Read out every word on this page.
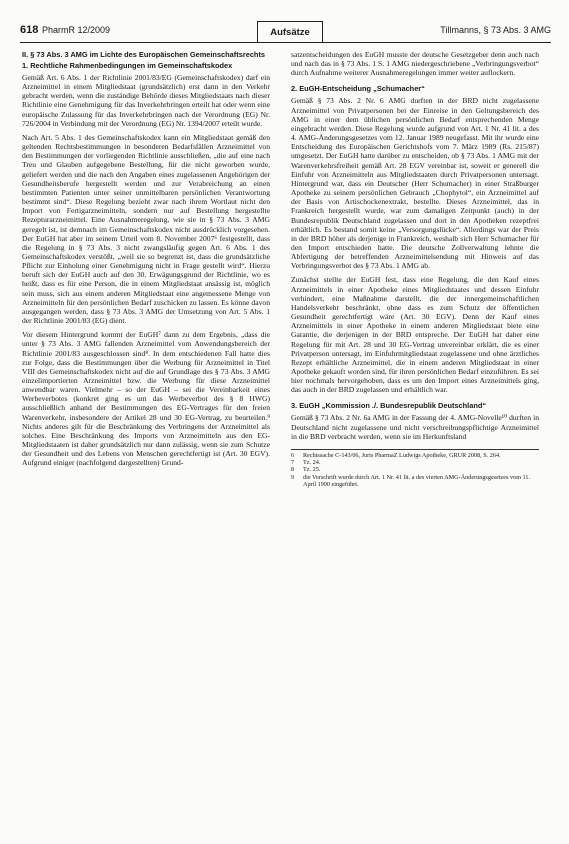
618 PharmR 12/2009	Aufsätze	Tillmanns, § 73 Abs. 3 AMG
II. § 73 Abs. 3 AMG im Lichte des Europäischen Gemeinschaftsrechts
1. Rechtliche Rahmenbedingungen im Gemeinschaftskodex

Gemäß Art. 6 Abs. 1 der Richtlinie 2001/83/EG (Gemeinschaftskodex) darf ein Arzneimittel in einem Mitgliedstaat (grundsätzlich) erst dann in den Verkehr gebracht werden, wenn die zuständige Behörde dieses Mitgliedstaats nach dieser Richtlinie eine Genehmigung für das Inverkehrbringen erteilt hat oder wenn eine europäische Zulassung für das Inverkehrbringen nach der Verordnung (EG) Nr. 726/2004 in Verbindung mit der Verordnung (EG) Nr. 1394/2007 erteilt wurde.

Nach Art. 5 Abs. 1 des Gemeinschaftskodex kann ein Mitgliedstaat gemäß den geltenden Rechtsbestimmungen in besonderen Bedarfsfällen Arzneimittel von den Bestimmungen der vorliegenden Richtlinie ausschließen, „die auf eine nach Treu und Glauben aufgegebene Bestellung, für die nicht geworben wurde, geliefert werden und die nach den Angaben eines zugelassenen Angehörigen der Gesundheitsberufe hergestellt werden und zur Verabreichung an einen bestimmten Patienten unter seiner unmittelbaren persönlichen Verantwortung bestimmt sind“. Diese Regelung bezieht zwar nach ihrem Wortlaut nicht den Import von Fertigarzneimitteln, sondern nur auf Bestellung hergestellte Rezepturarzneimittel. Eine Ausnahmeregelung, wie sie in § 73 Abs. 3 AMG geregelt ist, ist demnach im Gemeinschaftskodex nicht ausdrücklich vorgesehen. Der EuGH hat aber im seinem Urteil vom 8. November 2007⁶ festgestellt, dass die Regelung in § 73 Abs. 3 nicht zwangsläufig gegen Art. 6 Abs. 1 des Gemeinschaftskodex verstößt, „weil sie so begrenzt ist, dass die grundsätzliche Pflicht zur Einholung einer Genehmigung nicht in Frage gestellt wird“. Hierzu beruft sich der EuGH auch auf den 30. Erwägungsgrund der Richtlinie, wo es heißt, dass es für eine Person, die in einem Mitgliedstaat ansässig ist, möglich sein muss, sich aus einem anderen Mitgliedstaat eine angemessene Menge von Arzneimitteln für den persönlichen Bedarf zuschicken zu lassen. Es könne davon ausgegangen werden, dass § 73 Abs. 3 AMG der Umsetzung von Art. 5 Abs. 1 der Richtlinie 2001/83 (EG) dient.

Vor diesem Hintergrund kommt der EuGH⁷ dann zu dem Ergebnis, „dass die unter § 73 Abs. 3 AMG fallenden Arzneimittel vom Anwendungsbereich der Richtlinie 2001/83 ausgeschlossen sind⁸. In dem entschiedenen Fall hatte dies zur Folge, dass die Bestimmungen über die Werbung für Arzneimittel in Titel VIII des Gemeinschaftskodex nicht auf die auf Grundlage des § 73 Abs. 3 AMG einzelimportierten Arzneimittel bzw. die Werbung für diese Arzneimittel anwendbar waren. Vielmehr – so der EuGH – sei die Vereinbarkeit eines Werbeverbotes (konkret ging es um das Werbeverbot des § 8 HWG) ausschließlich anhand der Bestimmungen des EG-Vertrages für den freien Warenverkehr, insbesondere der Artikel 28 und 30 EG-Vertrag, zu beurteilen.⁹ Nichts anderes gilt für die Beschränkung des Verbringens der Arzneimittel als solches. Eine Beschränkung des Imports von Arzneimitteln aus den EG-Mitgliedstaaten ist daher grundsätzlich nur dann zulässig, wenn sie zum Schutze der Gesundheit und des Lebens von Menschen gerechtfertigt ist (Art. 30 EGV). Aufgrund einiger (nachfolgend dargestellten) Grund-

satzentscheidungen des EuGH musste der deutsche Gesetzgeber denn auch nach und nach das in § 73 Abs. 1 S. 1 AMG niedergeschriebene „Verbringungsverbot“ durch Aufnahme weiterer Ausnahmeregelungen immer weiter auflockern.

2. EuGH-Entscheidung „Schumacher“

Gemäß § 73 Abs. 2 Nr. 6 AMG durften in der BRD nicht zugelassene Arzneimittel von Privatpersonen bei der Einreise in den Geltungsbereich des AMG in einer dem üblichen persönlichen Bedarf entsprechenden Menge eingebracht werden. Diese Regelung wurde aufgrund von Art. 1 Nr. 41 lit. a des 4. AMG-Änderungsgesetzes vom 12. Januar 1989 neugefasst. Mit ihr wurde eine Entscheidung des Europäischen Gerichtshofs vom 7. März 1989 (Rs. 215/87) umgesetzt. Der EuGH hatte darüber zu entscheiden, ob § 73 Abs. 1 AMG mit der Warenverkehrsfreiheit gemäß Art. 28 EGV vereinbar ist, soweit er generell die Einfuhr von Arzneimitteln aus Mitgliedstaaten durch Privatpersonen untersagt. Hintergrund war, dass ein Deutscher (Herr Schumacher) in einer Straßburger Apotheke zu seinem persönlichen Gebrauch „Chophytol“, ein Arzneimittel auf der Basis von Artischockenextrakt, bestellte. Dieses Arzneimittel, das in Frankreich hergestellt wurde, war zum damaligen Zeitpunkt (auch) in der Bundesrepublik Deutschland zugelassen und dort in den Apotheken rezeptfrei erhältlich. Es bestand somit keine „Versorgungslücke“. Allerdings war der Preis in der BRD höher als derjenige in Frankreich, weshalb sich Herr Schumacher für den Import entschieden hatte. Die deutsche Zollverwaltung lehnte die Abfertigung der betreffenden Arzneimittelsendung mit Hinweis auf das Verbringungsverbot des § 73 Abs. 1 AMG ab.

Zunächst stellte der EuGH fest, dass eine Regelung, die den Kauf eines Arzneimittels in einer Apotheke eines Mitgliedstaates und dessen Einfuhr verhindert, eine Maßnahme darstellt, die der innergemeinschaftlichen Handelsverkehr beschränkt, ohne dass es zum Schutz der öffentlichen Gesundheit gerechtfertigt wäre (Art. 30 EGV). Denn der Kauf eines Arzneimittels in einer Apotheke in einem anderen Mitgliedstaat biete eine Garantie, die derjenigen in der BRD entspreche. Der EuGH hat daher eine Regelung für mit Art. 28 und 30 EG-Vertrag unvereinbar erklärt, die es einer Privatperson untersagt, im Einfuhrmitgliedstaat zugelassene und ohne ärztliches Rezept erhältliche Arzneimittel, die in einem anderen Mitgliedstaat in einer Apotheke gekauft worden sind, für ihren persönlichen Bedarf einzuführen. Es sei hier nochmals hervorgehoben, dass es um den Import eines Arzneimittels ging, das auch in der BRD zugelassen und erhältlich war.

3. EuGH „Kommission ./. Bundesrepublik Deutschland“

Gemäß § 73 Abs. 2 Nr. 6a AMG in der Fassung der 4. AMG-Novelle¹⁰ durften in Deutschland nicht zugelassene und nicht verschreibungspflichtige Arzneimittel in die BRD verbracht werden, wenn sie im Herkunftsland

6	Rechtssache C-143/06, Juris PharmaZ Ludwigs Apotheke, GRUR 2008, S. 264.
7	Tz. 24.
8	Tz. 25.
9	die Vorschrift wurde durch Art. 1 Nr. 41 lit. a des vierten AMG-Änderungsgesetzes vom 11. April 1990 eingeführt.
